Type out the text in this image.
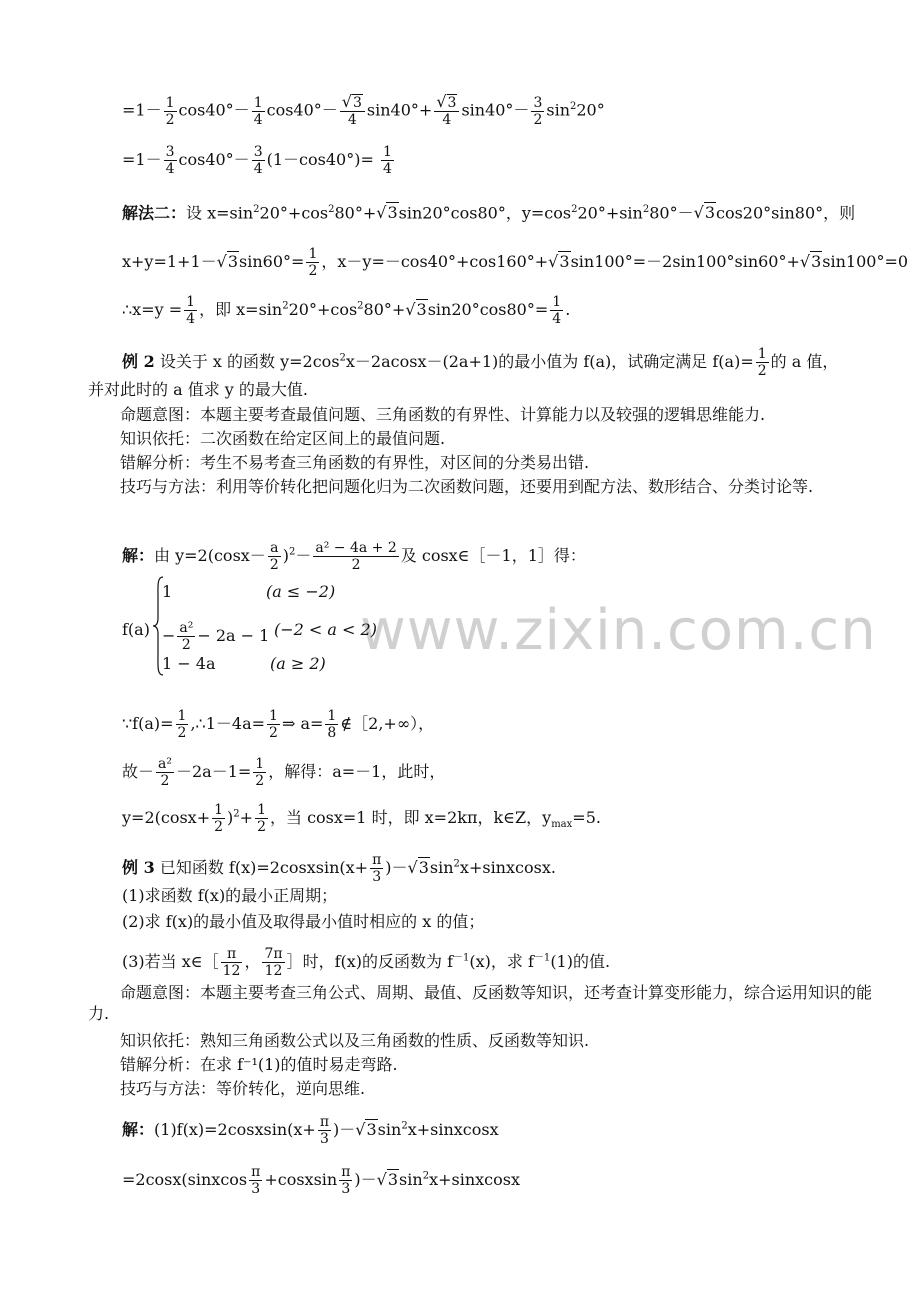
www.zixin.com.cn
$=1- \frac{1}{2} \cos 40^\circ- \frac{1}{4} \cos 40^\circ- \frac{√3}{4} \sin 40^\circ+ \frac{√3}{4} \sin 40^\circ- \frac{3}{2} \sin^220^\circ$
$=1- \frac{3}{4} \cos 40^\circ- \frac{3}{4} (1-\cos 40^\circ)= \frac{1}{4}$
解法二：设 $x=\sin^220^\circ+\cos^280^\circ+√3\sin 20^\circ\cos 80^\circ$，$y=\cos^220^\circ+\sin^280^\circ-√3\cos 20^\circ\sin 80^\circ$，则
$x+y=1+1-√3\sin 60^\circ= \frac{1}{2}$ ，x－y=－cos40°+cos160°+√3sin100°=－2sin100°sin60°+√3sin100°=0
∴x=y = $\frac{1}{4}$ ，即 $x=\sin^220^\circ+\cos^280^\circ+√3\sin 20^\circ\cos 80^\circ= \frac{1}{4}$ .
例 2 设关于 x 的函数 $y=2\cos^2x-2acosx-(2a+1)$的最小值为 f(a)，试确定满足 $f(a)= \frac{1}{2}$ 的 a 值，
并对此时的 a 值求 y 的最大值.
命题意图：本题主要考查最值问题、三角函数的有界性、计算能力以及较强的逻辑思维能力.
知识依托：二次函数在给定区间上的最值问题.
错解分析：考生不易考查三角函数的有界性，对区间的分类易出错.
技巧与方法：利用等价转化把问题化归为二次函数问题，还要用到配方法、数形结合、分类讨论等.
解：由 $y=2(\cos x- \frac{a}{2} )^2- \frac{\text{a² − 4a + 2}}{2}$ 及 cosx∈［－1，1］得：
f(a)
1	(a ≤ −2)
− $\frac{\text{a²}}{2} - 2a - 1$ (−2 < a < 2)
1 − 4a	(a ≥ 2)
∵f(a)= $\frac{1}{2}$ ,∴1－4a= $\frac{1}{2}$ ⇒ $a= \frac{1}{8}$ ∉［2,+∞），
故－ $\frac{\text{a²}}{2} -2a-1= \frac{1}{2}$ ，解得：a=－1，此时，
$y=2(\cos x+ \frac{1}{2} )^2+ \frac{1}{2}$ ，当 cosx=1 时，即 x=2kπ，k∈Z，$y_{max}=5$.
例 3 已知函数 f(x)=2cosxsin(x+ $\frac{\pi}{3}$ )$-√3\sin^2x+sinxcosx$.
(1)求函数 f(x)的最小正周期；
(2)求 f(x)的最小值及取得最小值时相应的 x 的值；
(3)若当 x∈［ $\frac{\pi}{12}$ ， $\frac{7\pi}{12}$ ］时，f(x)的反函数为 $f^{-1}(x)$，求 $f^{-1}(1)$的值.
命题意图：本题主要考查三角公式、周期、最值、反函数等知识，还考查计算变形能力，综合运用知识的能力.
知识依托：熟知三角函数公式以及三角函数的性质、反函数等知识.
错解分析：在求 f⁻¹(1)的值时易走弯路.
技巧与方法：等价转化，逆向思维.
解：(1)f(x)=2cosxsin(x+ $\frac{\pi}{3}$ )$-√3\sin^2x+sinxcosx$
=2cosx(sinxcos $\frac{\pi}{3}$ +cosxsin $\frac{\pi}{3}$ )$-√3\sin^2x+sinxcosx$
